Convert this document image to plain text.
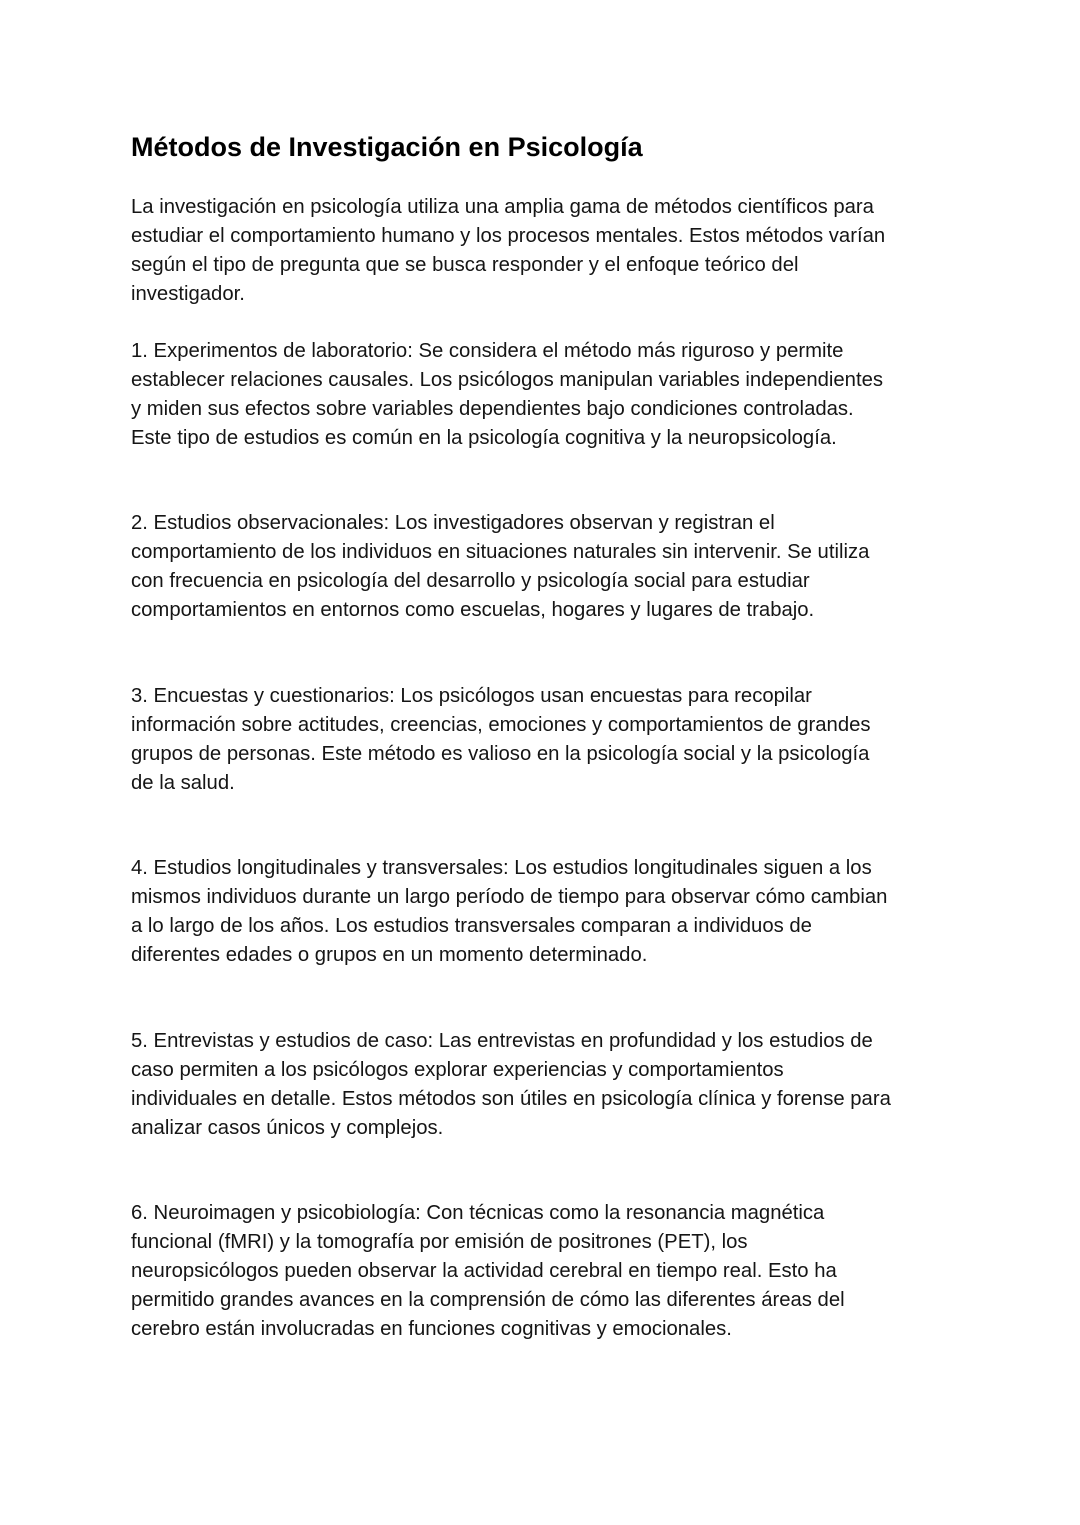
Métodos de Investigación en Psicología

La investigación en psicología utiliza una amplia gama de métodos científicos para
estudiar el comportamiento humano y los procesos mentales. Estos métodos varían
según el tipo de pregunta que se busca responder y el enfoque teórico del
investigador.

1. Experimentos de laboratorio: Se considera el método más riguroso y permite
establecer relaciones causales. Los psicólogos manipulan variables independientes
y miden sus efectos sobre variables dependientes bajo condiciones controladas.
Este tipo de estudios es común en la psicología cognitiva y la neuropsicología.

2. Estudios observacionales: Los investigadores observan y registran el
comportamiento de los individuos en situaciones naturales sin intervenir. Se utiliza
con frecuencia en psicología del desarrollo y psicología social para estudiar
comportamientos en entornos como escuelas, hogares y lugares de trabajo.

3. Encuestas y cuestionarios: Los psicólogos usan encuestas para recopilar
información sobre actitudes, creencias, emociones y comportamientos de grandes
grupos de personas. Este método es valioso en la psicología social y la psicología
de la salud.

4. Estudios longitudinales y transversales: Los estudios longitudinales siguen a los
mismos individuos durante un largo período de tiempo para observar cómo cambian
a lo largo de los años. Los estudios transversales comparan a individuos de
diferentes edades o grupos en un momento determinado.

5. Entrevistas y estudios de caso: Las entrevistas en profundidad y los estudios de
caso permiten a los psicólogos explorar experiencias y comportamientos
individuales en detalle. Estos métodos son útiles en psicología clínica y forense para
analizar casos únicos y complejos.

6. Neuroimagen y psicobiología: Con técnicas como la resonancia magnética
funcional (fMRI) y la tomografía por emisión de positrones (PET), los
neuropsicólogos pueden observar la actividad cerebral en tiempo real. Esto ha
permitido grandes avances en la comprensión de cómo las diferentes áreas del
cerebro están involucradas en funciones cognitivas y emocionales.
